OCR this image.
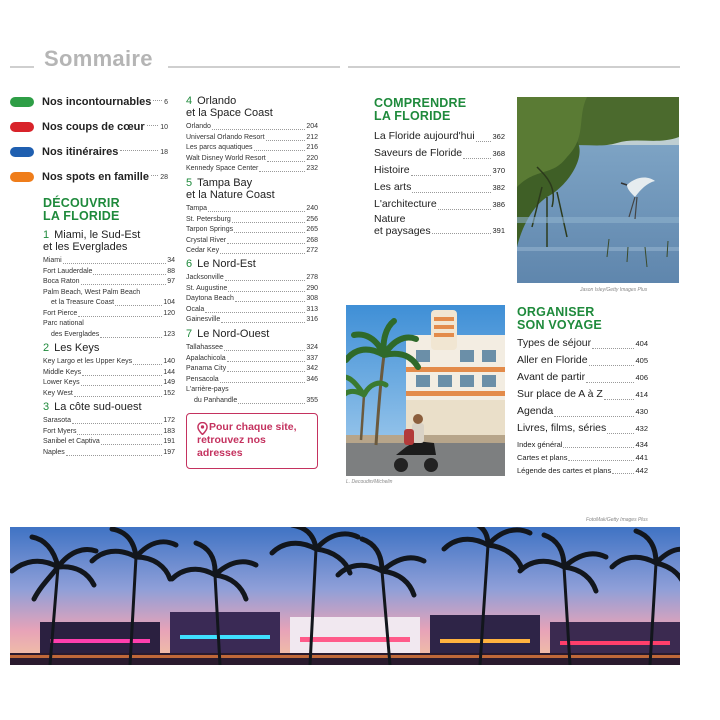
Sommaire
Nos incontournables 6
Nos coups de cœur 10
Nos itinéraires	18
Nos spots en famille 28
DÉCOUVRIR
LA FLORIDE
1 Miami, le Sud-Est
et les Everglades
Miami	34
Fort Lauderdale	88
Boca Raton	97
Palm Beach, West Palm Beach
et la Treasure Coast	104
Fort Pierce	120
Parc national
des Everglades	123
2 Les Keys
Key Largo et les Upper Keys	140
Middle Keys	144
Lower Keys	149
Key West	152
3 La côte sud-ouest
Sarasota	172
Fort Myers	183
Sanibel et Captiva	191
Naples	197
4 Orlando
et la Space Coast
Orlando	204
Universal Orlando Resort	212
Les parcs aquatiques	216
Walt Disney World Resort	220
Kennedy Space Center	232
5 Tampa Bay
et la Nature Coast
Tampa	240
St. Petersburg	256
Tarpon Springs	265
Crystal River	268
Cedar Key	272
6 Le Nord-Est
Jacksonville	278
St. Augustine	290
Daytona Beach	308
Ocala	313
Gainesville	316
7 Le Nord-Ouest
Tallahassee	324
Apalachicola	337
Panama City	342
Pensacola	346
L'arrière-pays
du Panhandle	355
Pour chaque site, retrouvez nos adresses
COMPRENDRE
LA FLORIDE
La Floride aujourd'hui 362
Saveurs de Floride	368
Histoire	370
Les arts	382
L'architecture	386
Nature
et paysages	391
ORGANISER
SON VOYAGE
Types de séjour	404
Aller en Floride	405
Avant de partir	406
Sur place de A à Z	414
Agenda	430
Livres, films, séries	432
Index général	434
Cartes et plans	441
Légende des cartes et plans	442
Jason Isley/Getty Images Plus
L. Decoudin/Michelin
FotoMak/Getty Images Plus
